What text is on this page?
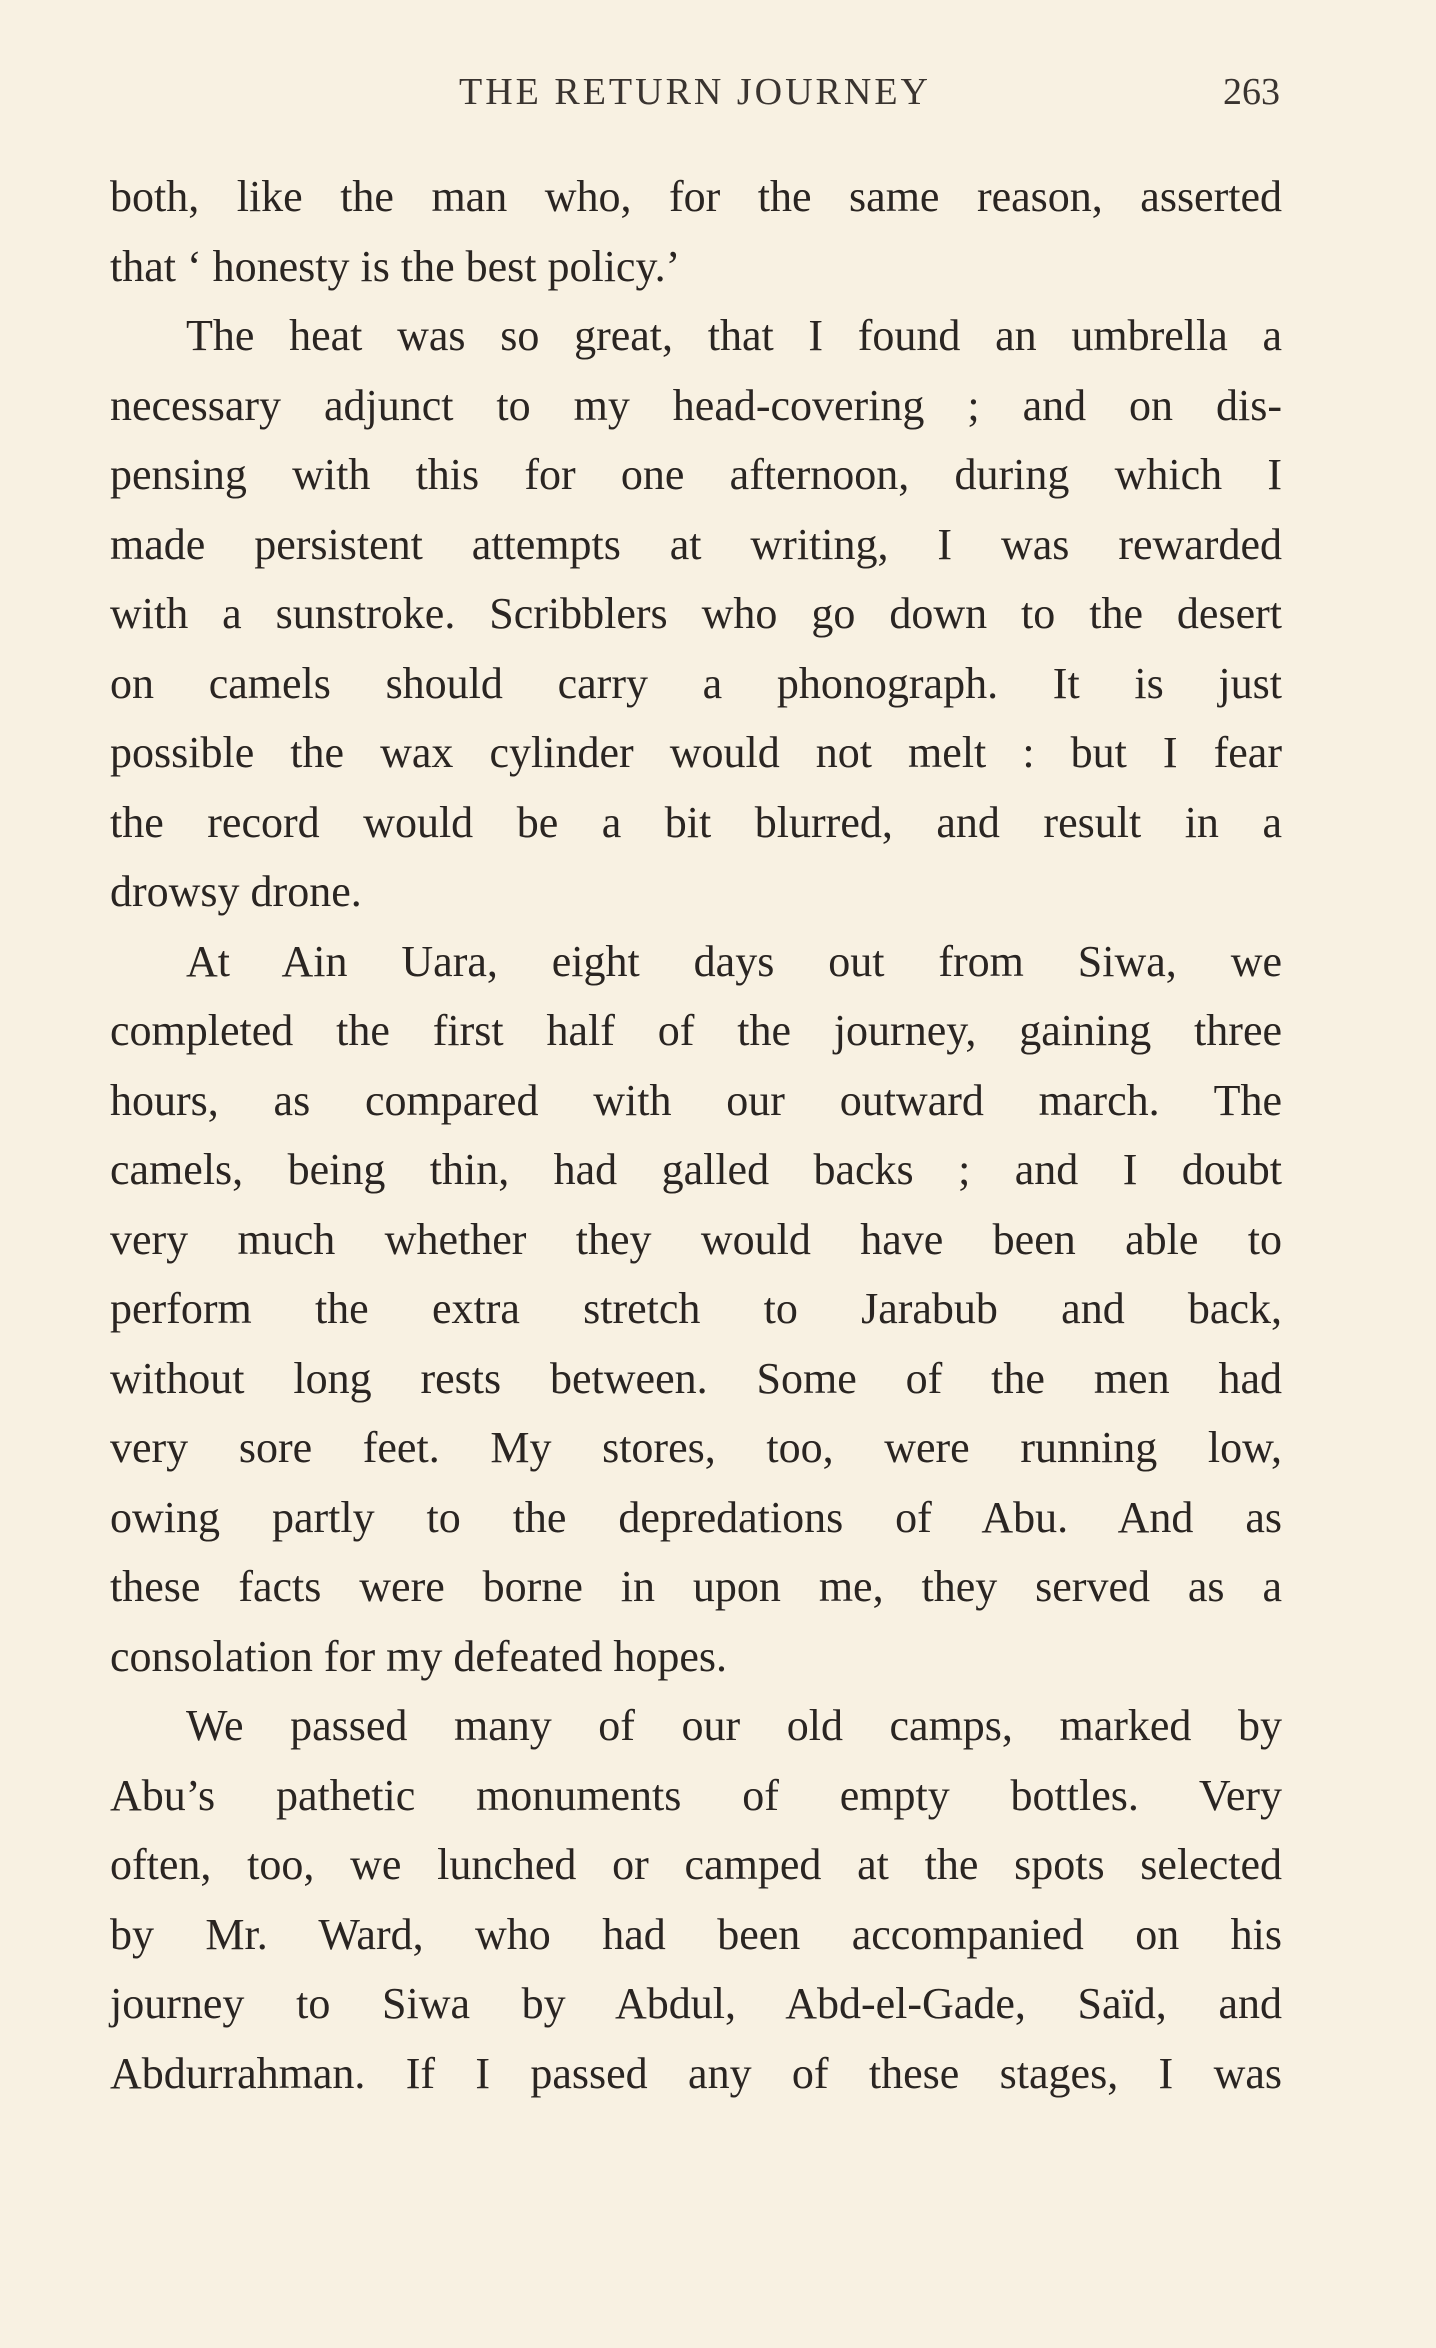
THE RETURN JOURNEY	263
both, like the man who, for the same reason, asserted
that ‘ honesty is the best policy.’
The heat was so great, that I found an umbrella a
necessary adjunct to my head-covering ; and on dis-
pensing with this for one afternoon, during which I
made persistent attempts at writing, I was rewarded
with a sunstroke. Scribblers who go down to the desert
on camels should carry a phonograph. It is just
possible the wax cylinder would not melt : but I fear
the record would be a bit blurred, and result in a
drowsy drone.
At Ain Uara, eight days out from Siwa, we
completed the first half of the journey, gaining three
hours, as compared with our outward march. The
camels, being thin, had galled backs ; and I doubt
very much whether they would have been able to
perform the extra stretch to Jarabub and back,
without long rests between. Some of the men had
very sore feet. My stores, too, were running low,
owing partly to the depredations of Abu. And as
these facts were borne in upon me, they served as a
consolation for my defeated hopes.
We passed many of our old camps, marked by
Abu’s pathetic monuments of empty bottles. Very
often, too, we lunched or camped at the spots selected
by Mr. Ward, who had been accompanied on his
journey to Siwa by Abdul, Abd-el-Gade, Saïd, and
Abdurrahman. If I passed any of these stages, I was
